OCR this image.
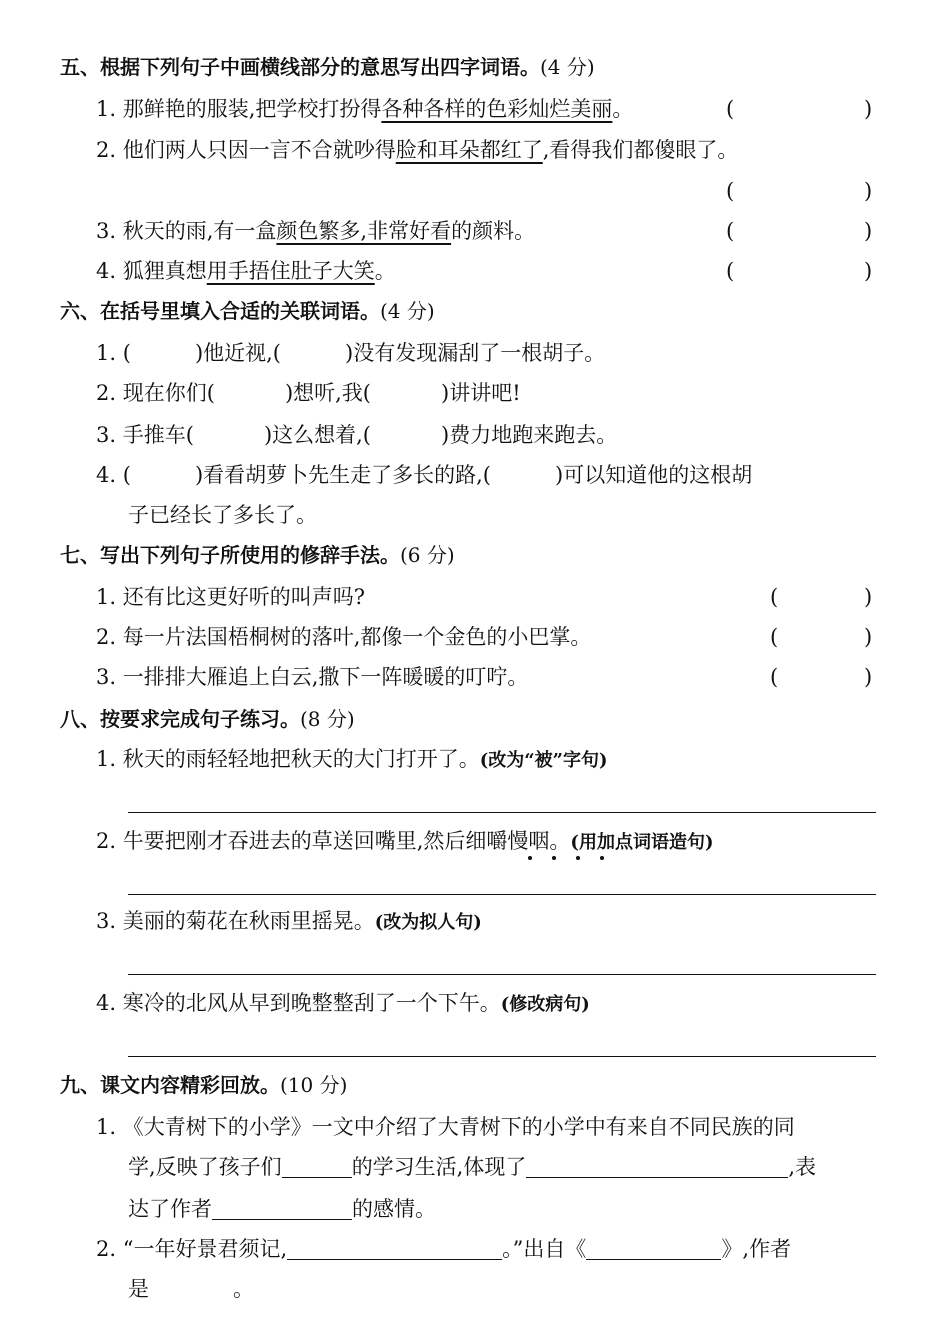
五、根据下列句子中画横线部分的意思写出四字词语。(4 分)
1. 那鲜艳的服装,把学校打扮得各种各样的色彩灿烂美丽。	(	)
2. 他们两人只因一言不合就吵得脸和耳朵都红了,看得我们都傻眼了。
(	)
3. 秋天的雨,有一盒颜色繁多,非常好看的颜料。	(	)
4. 狐狸真想用手捂住肚子大笑。	(	)
六、在括号里填入合适的关联词语。(4 分)
1. (	)他近视,(	)没有发现漏刮了一根胡子。
2. 现在你们(	)想听,我(	)讲讲吧!
3. 手推车(	)这么想着,(	)费力地跑来跑去。
4. (	)看看胡萝卜先生走了多长的路,(	)可以知道他的这根胡
子已经长了多长了。
七、写出下列句子所使用的修辞手法。(6 分)
1. 还有比这更好听的叫声吗?	(	)
2. 每一片法国梧桐树的落叶,都像一个金色的小巴掌。	(	)
3. 一排排大雁追上白云,撒下一阵暖暖的叮咛。	(	)
八、按要求完成句子练习。(8 分)
1. 秋天的雨轻轻地把秋天的大门打开了。(改为“被”字句)
2. 牛要把刚才吞进去的草送回嘴里,然后细嚼慢咽。(用加点词语造句)
3. 美丽的菊花在秋雨里摇晃。(改为拟人句)
4. 寒冷的北风从早到晚整整刮了一个下午。(修改病句)
九、课文内容精彩回放。(10 分)
1. 《大青树下的小学》一文中介绍了大青树下的小学中有来自不同民族的同
学,反映了孩子们	的学习生活,体现了	,表
达了作者	的感情。
2. “一年好景君须记,	。”出自《	》,作者
是	。
